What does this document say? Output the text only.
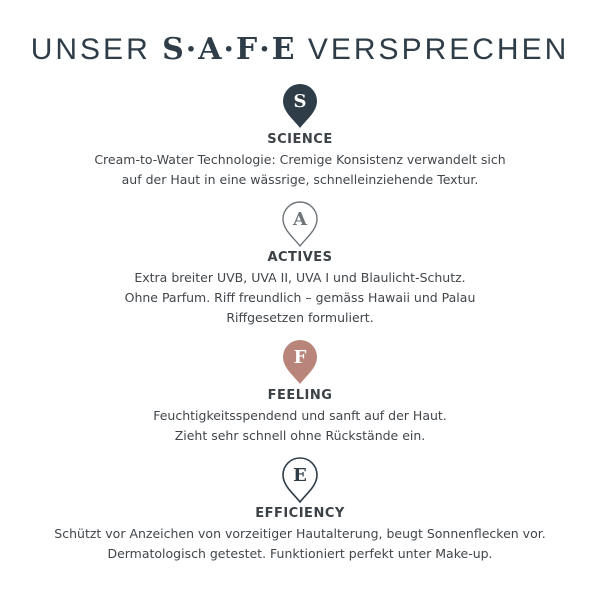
UNSER S·A·F·E VERSPRECHEN
S
SCIENCE
Cream-to-Water Technologie: Cremige Konsistenz verwandelt sich
auf der Haut in eine wässrige, schnelleinziehende Textur.
A
ACTIVES
Extra breiter UVB, UVA II, UVA I und Blaulicht-Schutz.
Ohne Parfum. Riff freundlich – gemäss Hawaii und Palau
Riffgesetzen formuliert.
F
FEELING
Feuchtigkeitsspendend und sanft auf der Haut.
Zieht sehr schnell ohne Rückstände ein.
E
EFFICIENCY
Schützt vor Anzeichen von vorzeitiger Hautalterung, beugt Sonnenflecken vor.
Dermatologisch getestet. Funktioniert perfekt unter Make-up.
